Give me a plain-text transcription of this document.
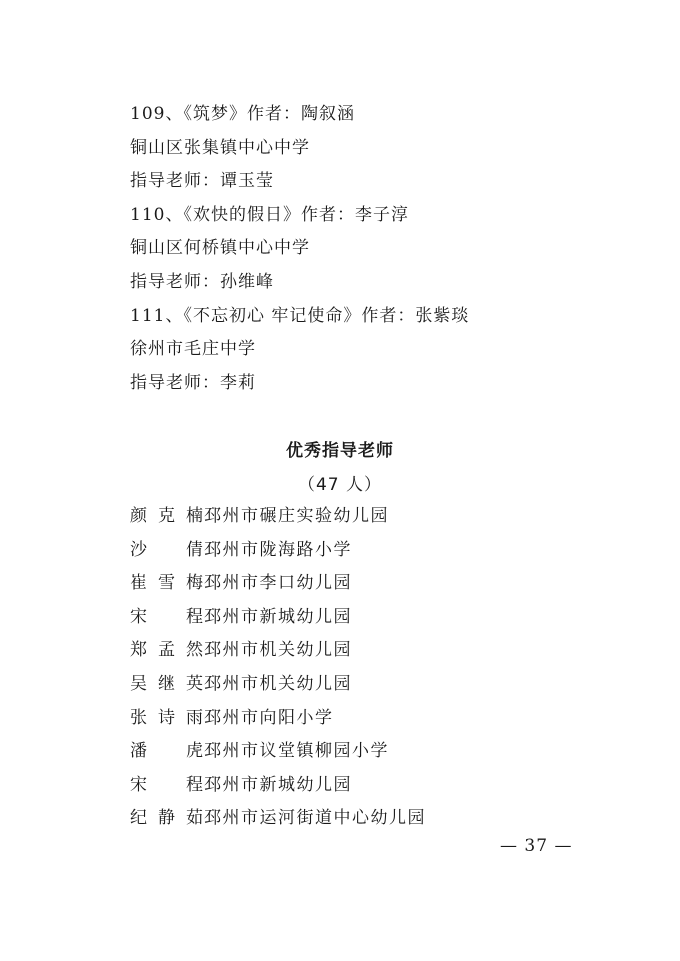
109、《筑梦》作者：陶叙涵
铜山区张集镇中心中学
指导老师：谭玉莹
110、《欢快的假日》作者：李子淳
铜山区何桥镇中心中学
指导老师：孙维峰
111、《不忘初心 牢记使命》作者：张紫琰
徐州市毛庄中学
指导老师：李莉
优秀指导老师
（47 人）
颜克楠 邳州市碾庄实验幼儿园
沙　倩 邳州市陇海路小学
崔雪梅 邳州市李口幼儿园
宋　程 邳州市新城幼儿园
郑孟然 邳州市机关幼儿园
吴继英 邳州市机关幼儿园
张诗雨 邳州市向阳小学
潘　虎 邳州市议堂镇柳园小学
宋　程 邳州市新城幼儿园
纪静茹 邳州市运河街道中心幼儿园
— 37 —
